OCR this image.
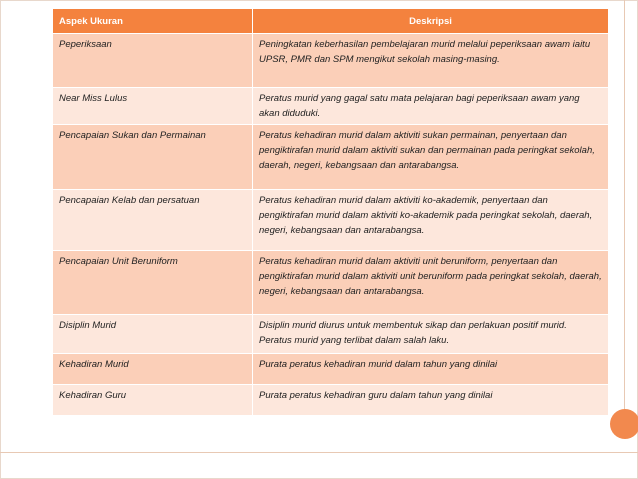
Aspek Ukuran	Deskripsi
Peperiksaan	Peningkatan keberhasilan pembelajaran murid melalui peperiksaan awam iaitu UPSR, PMR dan SPM mengikut sekolah masing-masing.
Near Miss Lulus	Peratus murid yang gagal satu mata pelajaran bagi peperiksaan awam yang akan diduduki.
Pencapaian Sukan dan Permainan	Peratus kehadiran murid dalam aktiviti sukan permainan, penyertaan dan pengiktirafan murid dalam aktiviti sukan dan permainan pada peringkat sekolah, daerah, negeri, kebangsaan dan antarabangsa.
Pencapaian Kelab dan persatuan	Peratus kehadiran murid dalam aktiviti ko-akademik, penyertaan dan pengiktirafan murid dalam aktiviti ko-akademik pada peringkat sekolah, daerah, negeri, kebangsaan dan antarabangsa.
Pencapaian Unit Beruniform	Peratus kehadiran murid dalam aktiviti unit beruniform, penyertaan dan pengiktirafan murid dalam aktiviti unit beruniform pada peringkat sekolah, daerah, negeri, kebangsaan dan antarabangsa.
Disiplin Murid	Disiplin murid diurus untuk membentuk sikap dan perlakuan positif murid. Peratus murid yang terlibat dalam salah laku.
Kehadiran Murid	Purata peratus kehadiran murid dalam tahun yang dinilai
Kehadiran Guru	Purata peratus kehadiran guru dalam tahun yang dinilai
